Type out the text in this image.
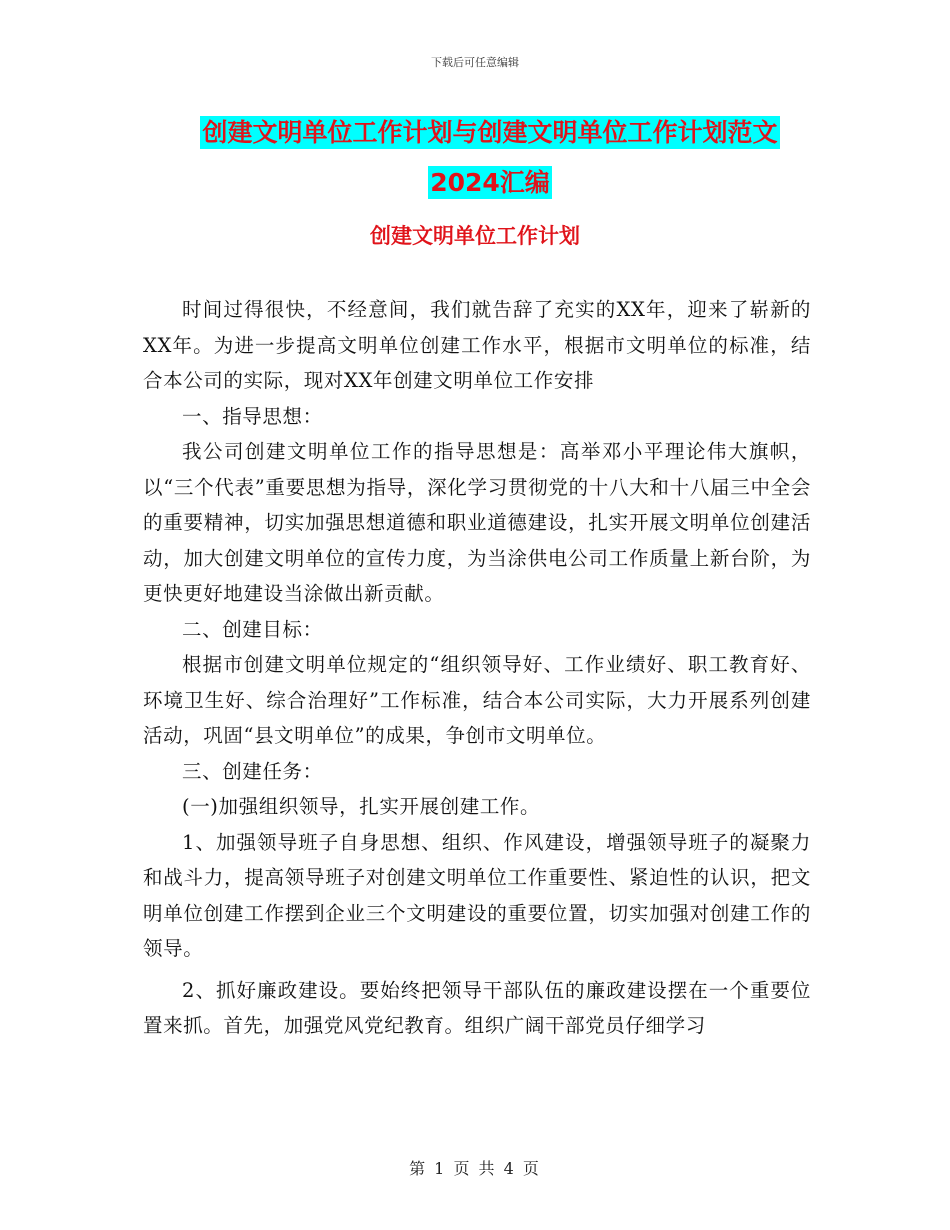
下载后可任意编辑
创建文明单位工作计划与创建文明单位工作计划范文
2024汇编
创建文明单位工作计划

时间过得很快，不经意间，我们就告辞了充实的XX年，迎来了崭新的XX年。为进一步提高文明单位创建工作水平，根据市文明单位的标准，结合本公司的实际，现对XX年创建文明单位工作安排

一、指导思想：

我公司创建文明单位工作的指导思想是：高举邓小平理论伟大旗帜，以“三个代表”重要思想为指导，深化学习贯彻党的十八大和十八届三中全会的重要精神，切实加强思想道德和职业道德建设，扎实开展文明单位创建活动，加大创建文明单位的宣传力度，为当涂供电公司工作质量上新台阶，为更快更好地建设当涂做出新贡献。

二、创建目标：

根据市创建文明单位规定的“组织领导好、工作业绩好、职工教育好、环境卫生好、综合治理好”工作标准，结合本公司实际，大力开展系列创建活动，巩固“县文明单位”的成果，争创市文明单位。

三、创建任务：

(一)加强组织领导，扎实开展创建工作。

1、加强领导班子自身思想、组织、作风建设，增强领导班子的凝聚力和战斗力，提高领导班子对创建文明单位工作重要性、紧迫性的认识，把文明单位创建工作摆到企业三个文明建设的重要位置，切实加强对创建工作的领导。

2、抓好廉政建设。要始终把领导干部队伍的廉政建设摆在一个重要位置来抓。首先，加强党风党纪教育。组织广阔干部党员仔细学习

第 1 页 共 4 页
